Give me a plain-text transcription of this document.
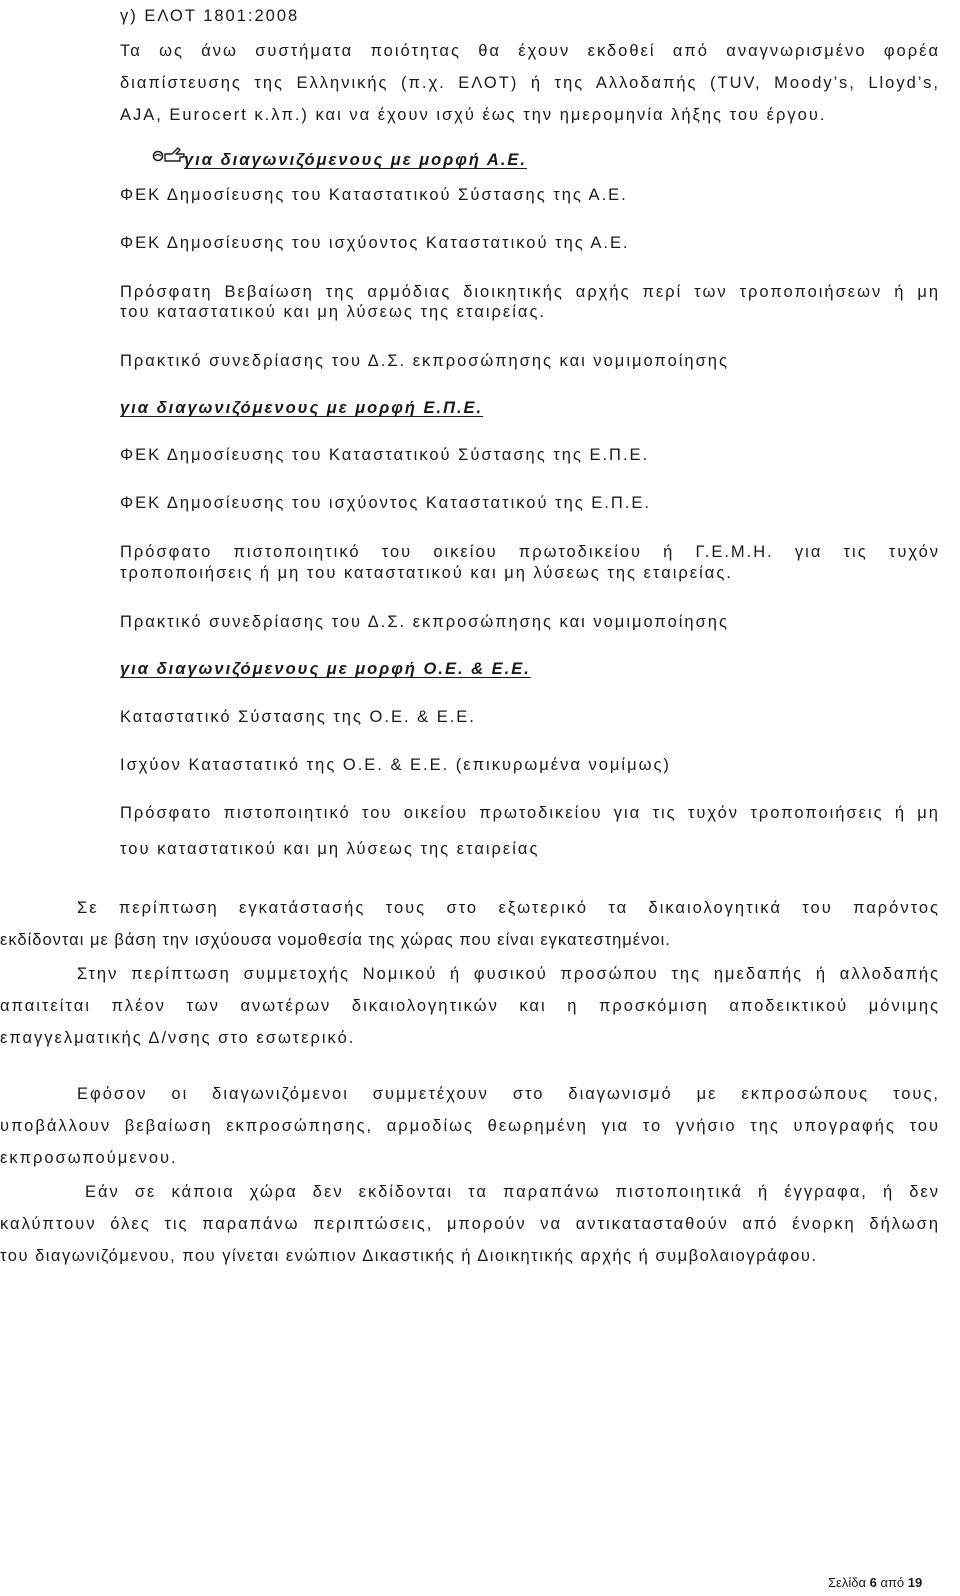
γ) ΕΛΟΤ 1801:2008
Τα ως άνω συστήματα ποιότητας θα έχουν εκδοθεί από αναγνωρισμένο φορέα
διαπίστευσης της Ελληνικής (π.χ. ΕΛΟΤ) ή της Αλλοδαπής (TUV, Moody’s, Lloyd’s,
AJA, Eurocert κ.λπ.) και να έχουν ισχύ έως την ημερομηνία λήξης του έργου.
για διαγωνιζόμενους με μορφή Α.Ε.
ΦΕΚ Δημοσίευσης του Καταστατικού Σύστασης της Α.Ε.
ΦΕΚ Δημοσίευσης του ισχύοντος Καταστατικού της Α.Ε.
Πρόσφατη Βεβαίωση της αρμόδιας διοικητικής αρχής περί των τροποποιήσεων ή μη
του καταστατικού και μη λύσεως της εταιρείας.
Πρακτικό συνεδρίασης του Δ.Σ. εκπροσώπησης και νομιμοποίησης
για διαγωνιζόμενους με μορφή Ε.Π.Ε.
ΦΕΚ Δημοσίευσης του Καταστατικού Σύστασης της Ε.Π.Ε.
ΦΕΚ Δημοσίευσης του ισχύοντος Καταστατικού της Ε.Π.Ε.
Πρόσφατο πιστοποιητικό του οικείου πρωτοδικείου ή Γ.Ε.Μ.Η. για τις τυχόν
τροποποιήσεις ή μη του καταστατικού και μη λύσεως της εταιρείας.
Πρακτικό συνεδρίασης του Δ.Σ. εκπροσώπησης και νομιμοποίησης
για διαγωνιζόμενους με μορφή Ο.Ε. & Ε.Ε.
Καταστατικό Σύστασης της Ο.Ε. & Ε.Ε.
Ισχύον Καταστατικό της Ο.Ε. & Ε.Ε. (επικυρωμένα νομίμως)
Πρόσφατο πιστοποιητικό του οικείου πρωτοδικείου για τις τυχόν τροποποιήσεις ή μη
του καταστατικού και μη λύσεως της εταιρείας
Σε περίπτωση εγκατάστασής τους στο εξωτερικό τα δικαιολογητικά του παρόντος
εκδίδονται με βάση την ισχύουσα νομοθεσία της χώρας που είναι εγκατεστημένοι.
Στην περίπτωση συμμετοχής Νομικού ή φυσικού προσώπου της ημεδαπής ή αλλοδαπής
απαιτείται πλέον των ανωτέρων δικαιολογητικών και η προσκόμιση αποδεικτικού μόνιμης
επαγγελματικής Δ/νσης στο εσωτερικό.
Εφόσον οι διαγωνιζόμενοι συμμετέχουν στο διαγωνισμό με εκπροσώπους τους,
υποβάλλουν βεβαίωση εκπροσώπησης, αρμοδίως θεωρημένη για το γνήσιο της υπογραφής του
εκπροσωπούμενου.
Εάν σε κάποια χώρα δεν εκδίδονται τα παραπάνω πιστοποιητικά ή έγγραφα, ή δεν
καλύπτουν όλες τις παραπάνω περιπτώσεις, μπορούν να αντικατασταθούν από ένορκη δήλωση
του διαγωνιζόμενου, που γίνεται ενώπιον Δικαστικής ή Διοικητικής αρχής ή συμβολαιογράφου.
Σελίδα 6 από 19
